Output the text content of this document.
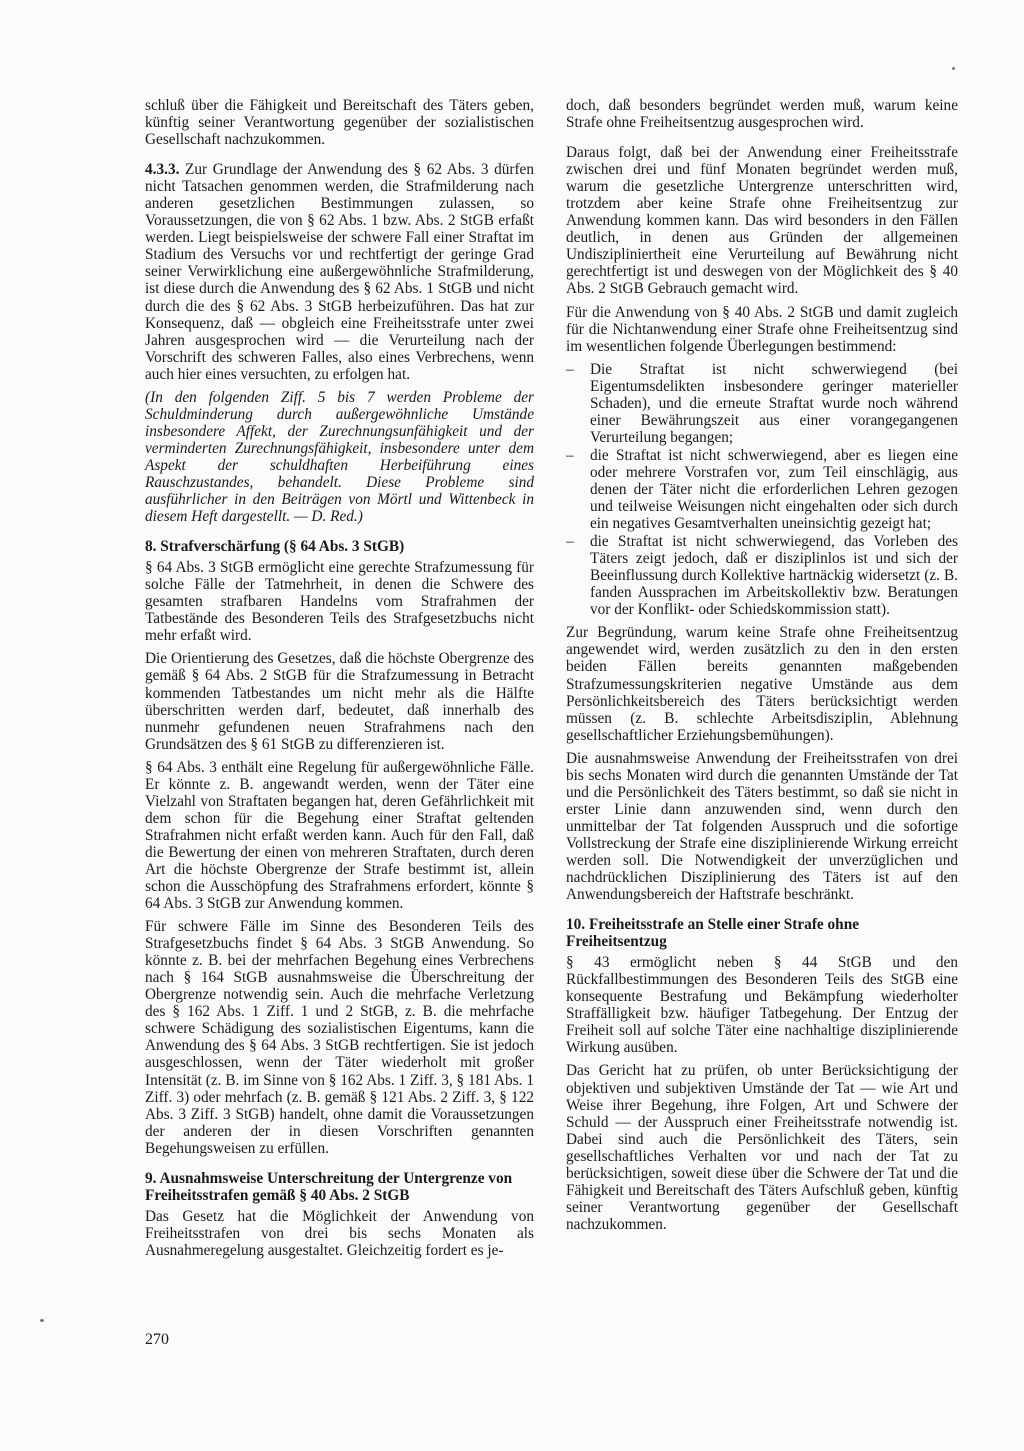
schluß über die Fähigkeit und Bereitschaft des Täters geben, künftig seiner Verantwortung gegenüber der sozialistischen Gesellschaft nachzukommen.

4.3.3. Zur Grundlage der Anwendung des § 62 Abs. 3 dürfen nicht Tatsachen genommen werden, die Strafmilderung nach anderen gesetzlichen Bestimmungen zulassen, so Voraussetzungen, die von § 62 Abs. 1 bzw. Abs. 2 StGB erfaßt werden. Liegt beispielsweise der schwere Fall einer Straftat im Stadium des Versuchs vor und rechtfertigt der geringe Grad seiner Verwirklichung eine außergewöhnliche Strafmilderung, ist diese durch die Anwendung des § 62 Abs. 1 StGB und nicht durch die des § 62 Abs. 3 StGB herbeizuführen. Das hat zur Konsequenz, daß — obgleich eine Freiheitsstrafe unter zwei Jahren ausgesprochen wird — die Verurteilung nach der Vorschrift des schweren Falles, also eines Verbrechens, wenn auch hier eines versuchten, zu erfolgen hat.

(In den folgenden Ziff. 5 bis 7 werden Probleme der Schuldminderung durch außergewöhnliche Umstände insbesondere Affekt, der Zurechnungsunfähigkeit und der verminderten Zurechnungsfähigkeit, insbesondere unter dem Aspekt der schuldhaften Herbeiführung eines Rauschzustandes, behandelt. Diese Probleme sind ausführlicher in den Beiträgen von Mörtl und Wittenbeck in diesem Heft dargestellt. — D. Red.)

8. Strafverschärfung (§ 64 Abs. 3 StGB)

§ 64 Abs. 3 StGB ermöglicht eine gerechte Strafzumessung für solche Fälle der Tatmehrheit, in denen die Schwere des gesamten strafbaren Handelns vom Strafrahmen der Tatbestände des Besonderen Teils des Strafgesetzbuchs nicht mehr erfaßt wird.

Die Orientierung des Gesetzes, daß die höchste Obergrenze des gemäß § 64 Abs. 2 StGB für die Strafzumessung in Betracht kommenden Tatbestandes um nicht mehr als die Hälfte überschritten werden darf, bedeutet, daß innerhalb des nunmehr gefundenen neuen Strafrahmens nach den Grundsätzen des § 61 StGB zu differenzieren ist.

§ 64 Abs. 3 enthält eine Regelung für außergewöhnliche Fälle. Er könnte z. B. angewandt werden, wenn der Täter eine Vielzahl von Straftaten begangen hat, deren Gefährlichkeit mit dem schon für die Begehung einer Straftat geltenden Strafrahmen nicht erfaßt werden kann. Auch für den Fall, daß die Bewertung der einen von mehreren Straftaten, durch deren Art die höchste Obergrenze der Strafe bestimmt ist, allein schon die Ausschöpfung des Strafrahmens erfordert, könnte § 64 Abs. 3 StGB zur Anwendung kommen.

Für schwere Fälle im Sinne des Besonderen Teils des Strafgesetzbuchs findet § 64 Abs. 3 StGB Anwendung. So könnte z. B. bei der mehrfachen Begehung eines Verbrechens nach § 164 StGB ausnahmsweise die Überschreitung der Obergrenze notwendig sein. Auch die mehrfache Verletzung des § 162 Abs. 1 Ziff. 1 und 2 StGB, z. B. die mehrfache schwere Schädigung des sozialistischen Eigentums, kann die Anwendung des § 64 Abs. 3 StGB rechtfertigen. Sie ist jedoch ausgeschlossen, wenn der Täter wiederholt mit großer Intensität (z. B. im Sinne von § 162 Abs. 1 Ziff. 3, § 181 Abs. 1 Ziff. 3) oder mehrfach (z. B. gemäß § 121 Abs. 2 Ziff. 3, § 122 Abs. 3 Ziff. 3 StGB) handelt, ohne damit die Voraussetzungen der anderen der in diesen Vorschriften genannten Begehungsweisen zu erfüllen.

9. Ausnahmsweise Unterschreitung der Untergrenze von Freiheitsstrafen gemäß § 40 Abs. 2 StGB

Das Gesetz hat die Möglichkeit der Anwendung von Freiheitsstrafen von drei bis sechs Monaten als Ausnahmeregelung ausgestaltet. Gleichzeitig fordert es je-

doch, daß besonders begründet werden muß, warum keine Strafe ohne Freiheitsentzug ausgesprochen wird.

Daraus folgt, daß bei der Anwendung einer Freiheitsstrafe zwischen drei und fünf Monaten begründet werden muß, warum die gesetzliche Untergrenze unterschritten wird, trotzdem aber keine Strafe ohne Freiheitsentzug zur Anwendung kommen kann. Das wird besonders in den Fällen deutlich, in denen aus Gründen der allgemeinen Undiszipliniertheit eine Verurteilung auf Bewährung nicht gerechtfertigt ist und deswegen von der Möglichkeit des § 40 Abs. 2 StGB Gebrauch gemacht wird.

Für die Anwendung von § 40 Abs. 2 StGB und damit zugleich für die Nichtanwendung einer Strafe ohne Freiheitsentzug sind im wesentlichen folgende Überlegungen bestimmend:

– Die Straftat ist nicht schwerwiegend (bei Eigentumsdelikten insbesondere geringer materieller Schaden), und die erneute Straftat wurde noch während einer Bewährungszeit aus einer vorangegangenen Verurteilung begangen;
– die Straftat ist nicht schwerwiegend, aber es liegen eine oder mehrere Vorstrafen vor, zum Teil einschlägig, aus denen der Täter nicht die erforderlichen Lehren gezogen und teilweise Weisungen nicht eingehalten oder sich durch ein negatives Gesamtverhalten uneinsichtig gezeigt hat;
– die Straftat ist nicht schwerwiegend, das Vorleben des Täters zeigt jedoch, daß er disziplinlos ist und sich der Beeinflussung durch Kollektive hartnäckig widersetzt (z. B. fanden Aussprachen im Arbeitskollektiv bzw. Beratungen vor der Konflikt- oder Schiedskommission statt).

Zur Begründung, warum keine Strafe ohne Freiheitsentzug angewendet wird, werden zusätzlich zu den in den ersten beiden Fällen bereits genannten maßgebenden Strafzumessungskriterien negative Umstände aus dem Persönlichkeitsbereich des Täters berücksichtigt werden müssen (z. B. schlechte Arbeitsdisziplin, Ablehnung gesellschaftlicher Erziehungsbemühungen).

Die ausnahmsweise Anwendung der Freiheitsstrafen von drei bis sechs Monaten wird durch die genannten Umstände der Tat und die Persönlichkeit des Täters bestimmt, so daß sie nicht in erster Linie dann anzuwenden sind, wenn durch den unmittelbar der Tat folgenden Ausspruch und die sofortige Vollstreckung der Strafe eine disziplinierende Wirkung erreicht werden soll. Die Notwendigkeit der unverzüglichen und nachdrücklichen Disziplinierung des Täters ist auf den Anwendungsbereich der Haftstrafe beschränkt.

10. Freiheitsstrafe an Stelle einer Strafe ohne Freiheitsentzug

§ 43 ermöglicht neben § 44 StGB und den Rückfallbestimmungen des Besonderen Teils des StGB eine konsequente Bestrafung und Bekämpfung wiederholter Straffälligkeit bzw. häufiger Tatbegehung. Der Entzug der Freiheit soll auf solche Täter eine nachhaltige disziplinierende Wirkung ausüben.

Das Gericht hat zu prüfen, ob unter Berücksichtigung der objektiven und subjektiven Umstände der Tat — wie Art und Weise ihrer Begehung, ihre Folgen, Art und Schwere der Schuld — der Ausspruch einer Freiheitsstrafe notwendig ist. Dabei sind auch die Persönlichkeit des Täters, sein gesellschaftliches Verhalten vor und nach der Tat zu berücksichtigen, soweit diese über die Schwere der Tat und die Fähigkeit und Bereitschaft des Täters Aufschluß geben, künftig seiner Verantwortung gegenüber der Gesellschaft nachzukommen.

270
